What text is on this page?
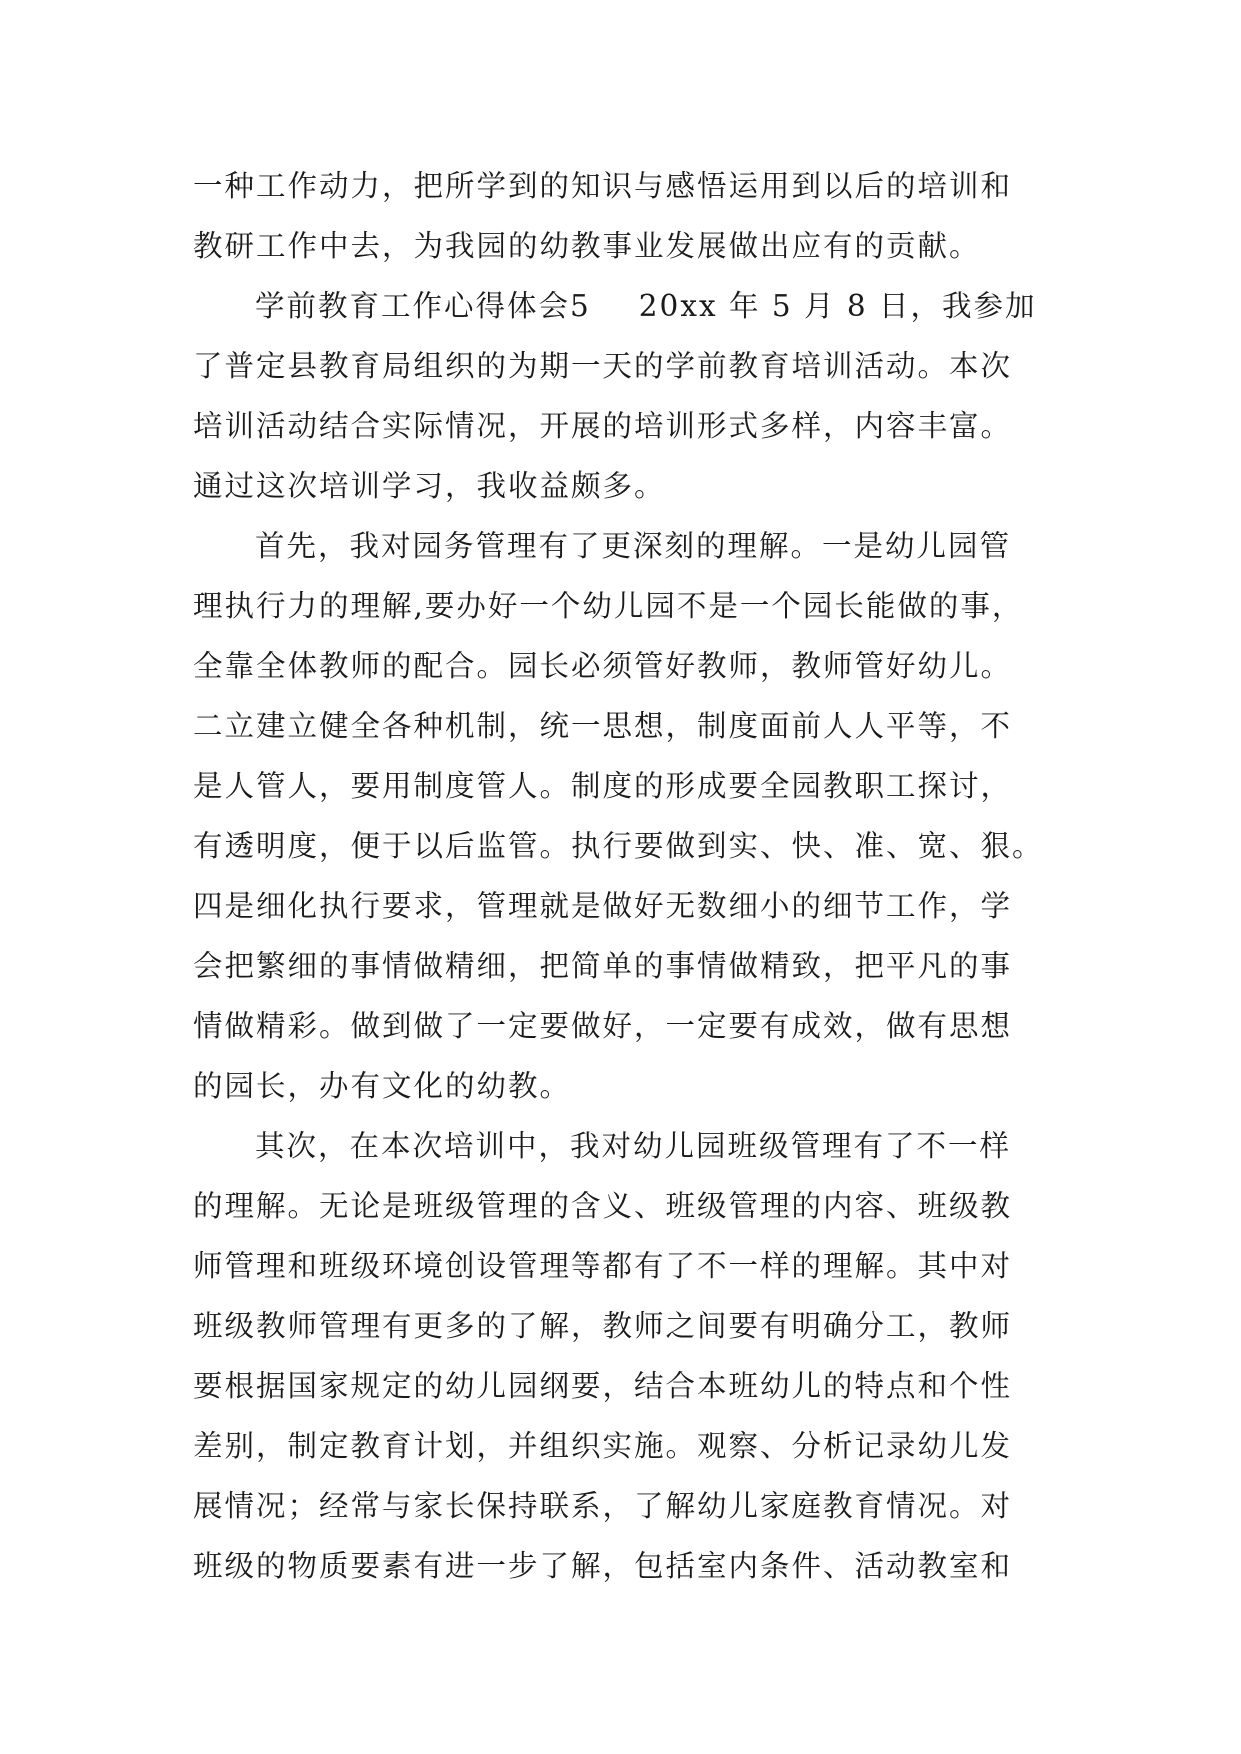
一种工作动力，把所学到的知识与感悟运用到以后的培训和
教研工作中去，为我园的幼教事业发展做出应有的贡献。
学前教育工作心得体会5 20xx 年 5 月 8 日，我参加
了普定县教育局组织的为期一天的学前教育培训活动。本次
培训活动结合实际情况，开展的培训形式多样，内容丰富。
通过这次培训学习，我收益颇多。
首先，我对园务管理有了更深刻的理解。一是幼儿园管
理执行力的理解,要办好一个幼儿园不是一个园长能做的事，
全靠全体教师的配合。园长必须管好教师，教师管好幼儿。
二立建立健全各种机制，统一思想，制度面前人人平等，不
是人管人，要用制度管人。制度的形成要全园教职工探讨，
有透明度，便于以后监管。执行要做到实、快、准、宽、狠。
四是细化执行要求，管理就是做好无数细小的细节工作，学
会把繁细的事情做精细，把简单的事情做精致，把平凡的事
情做精彩。做到做了一定要做好，一定要有成效，做有思想
的园长，办有文化的幼教。
其次，在本次培训中，我对幼儿园班级管理有了不一样
的理解。无论是班级管理的含义、班级管理的内容、班级教
师管理和班级环境创设管理等都有了不一样的理解。其中对
班级教师管理有更多的了解，教师之间要有明确分工，教师
要根据国家规定的幼儿园纲要，结合本班幼儿的特点和个性
差别，制定教育计划，并组织实施。观察、分析记录幼儿发
展情况；经常与家长保持联系，了解幼儿家庭教育情况。对
班级的物质要素有进一步了解，包括室内条件、活动教室和
